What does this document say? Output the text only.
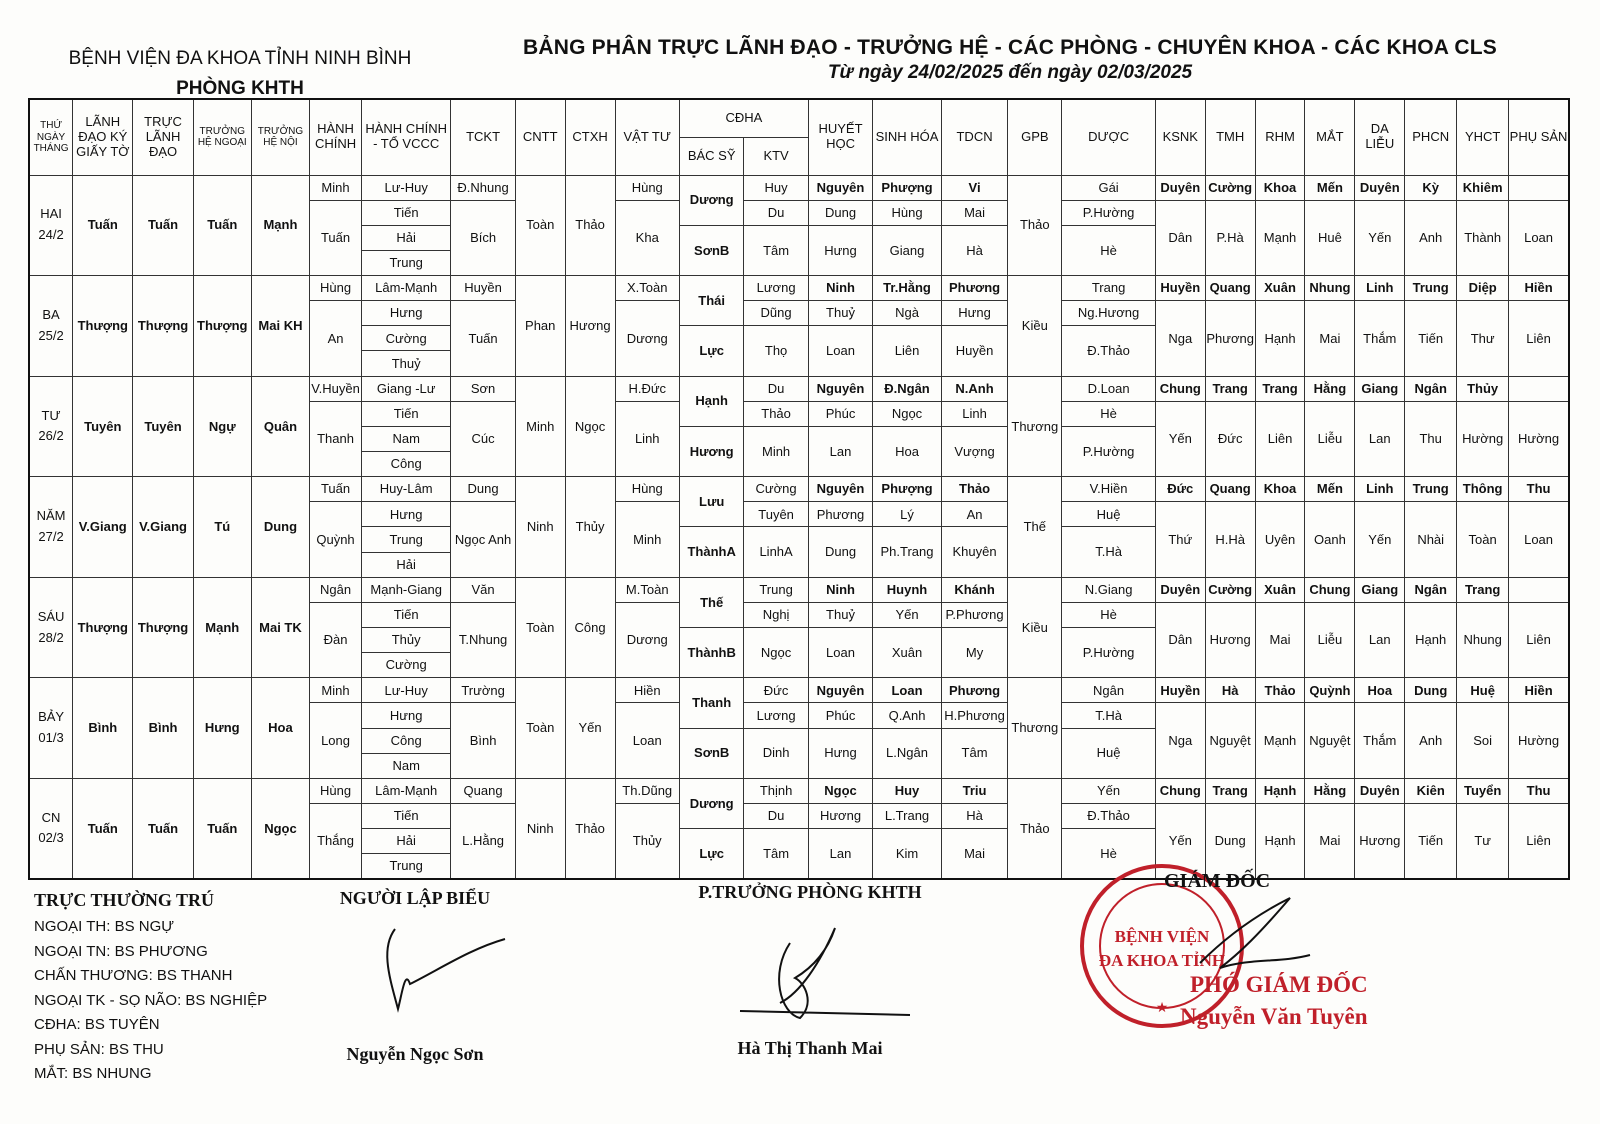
BỆNH VIỆN ĐA KHOA TỈNH NINH BÌNH
PHÒNG KHTH
BẢNG PHÂN TRỰC LÃNH ĐẠO - TRƯỞNG HỆ - CÁC PHÒNG - CHUYÊN KHOA - CÁC KHOA CLS
Từ ngày 24/02/2025 đến ngày 02/03/2025
THỨ NGÀY THÁNG	LÃNH ĐẠO KÝ GIẤY TỜ	TRỰC LÃNH ĐẠO	TRƯỞNG HỆ NGOẠI	TRƯỞNG HỆ NỘI	HÀNH CHÍNH	HÀNH CHÍNH - TỔ VCCC	TCKT	CNTT	CTXH	VẬT TƯ	CĐHA		HUYẾT HỌC	SINH HÓA	TDCN	GPB	DƯỢC	KSNK	TMH	RHM	MẮT	DA LIỄU	PHCN	YHCT	PHỤ SẢN
											BÁC SỸ	KTV													

HAI
24/2	Tuấn	Tuấn	Tuấn	Mạnh	Minh	Lư-Huy	Đ.Nhung	Toàn	Thảo	Hùng	Dương	Huy	Nguyên	Phượng	Vi	Thảo	Gái	Duyên	Cường	Khoa	Mến	Duyên	Kỳ	Khiêm	
					Tuấn	Tiến	Bích			Kha		Du	Dung	Hùng	Mai		P.Hường	Dân	P.Hà	Mạnh	Huê	Yến	Anh	Thành	Loan
						Hải					SơnB	Tâm	Hưng	Giang	Hà		Hè								
						Trung																			

BA
25/2	Thượng	Thượng	Thượng	Mai KH	Hùng	Lâm-Mạnh	Huyền	Phan	Hương	X.Toàn	Thái	Lương	Ninh	Tr.Hằng	Phương	Kiều	Trang	Huyền	Quang	Xuân	Nhung	Linh	Trung	Diệp	Hiền
					An	Hưng	Tuấn			Dương		Dũng	Thuỷ	Ngà	Hưng		Ng.Hương	Nga	Phương	Hạnh	Mai	Thắm	Tiến	Thư	Liên
						Cường					Lực	Thọ	Loan	Liên	Huyền		Đ.Thảo								
						Thuỷ																			

TƯ
26/2	Tuyên	Tuyên	Ngự	Quân	V.Huyền	Giang -Lư	Sơn	Minh	Ngọc	H.Đức	Hạnh	Du	Nguyên	Đ.Ngân	N.Anh	Thương	D.Loan	Chung	Trang	Trang	Hằng	Giang	Ngân	Thủy	
					Thanh	Tiến	Cúc			Linh		Thảo	Phúc	Ngọc	Linh		Hè	Yến	Đức	Liên	Liễu	Lan	Thu	Hường	Hường
						Nam					Hương	Minh	Lan	Hoa	Vượng		P.Hường								
						Công																			

NĂM
27/2	V.Giang	V.Giang	Tú	Dung	Tuấn	Huy-Lâm	Dung	Ninh	Thủy	Hùng	Lưu	Cường	Nguyên	Phượng	Thảo	Thế	V.Hiền	Đức	Quang	Khoa	Mến	Linh	Trung	Thông	Thu
					Quỳnh	Hưng	Ngọc Anh			Minh		Tuyên	Phương	Lý	An		Huệ	Thứ	H.Hà	Uyên	Oanh	Yến	Nhài	Toàn	Loan
						Trung					ThànhA	LinhA	Dung	Ph.Trang	Khuyên		T.Hà								
						Hải																			

SÁU
28/2	Thượng	Thượng	Mạnh	Mai TK	Ngân	Mạnh-Giang	Văn	Toàn	Công	M.Toàn	Thế	Trung	Ninh	Huynh	Khánh	Kiều	N.Giang	Duyên	Cường	Xuân	Chung	Giang	Ngân	Trang	
					Đàn	Tiến	T.Nhung			Dương		Nghị	Thuỷ	Yến	P.Phương		Hè	Dân	Hương	Mai	Liễu	Lan	Hạnh	Nhung	Liên
						Thủy					ThànhB	Ngọc	Loan	Xuân	My		P.Hường								
						Cường																			

BẢY
01/3	Bình	Bình	Hưng	Hoa	Minh	Lư-Huy	Trường	Toàn	Yến	Hiền	Thanh	Đức	Nguyên	Loan	Phương	Thương	Ngân	Huyền	Hà	Thảo	Quỳnh	Hoa	Dung	Huệ	Hiền
					Long	Hưng	Bình			Loan		Lương	Phúc	Q.Anh	H.Phương		T.Hà	Nga	Nguyệt	Mạnh	Nguyệt	Thắm	Anh	Soi	Hường
						Công					SơnB	Dinh	Hưng	L.Ngân	Tâm		Huệ								
						Nam																			

CN
02/3	Tuấn	Tuấn	Tuấn	Ngọc	Hùng	Lâm-Mạnh	Quang	Ninh	Thảo	Th.Dũng	Dương	Thịnh	Ngọc	Huy	Triu	Thảo	Yến	Chung	Trang	Hạnh	Hằng	Duyên	Kiên	Tuyển	Thu
					Thắng	Tiến	L.Hằng			Thủy		Du	Hương	L.Trang	Hà		Đ.Thảo	Yến	Dung	Hạnh	Mai	Hương	Tiến	Tư	Liên
						Hải					Lực	Tâm	Lan	Kim	Mai		Hè								
						Trung																			
TRỰC THƯỜNG TRÚ
NGOẠI TH: BS NGỰ
NGOẠI TN: BS PHƯƠNG
CHẤN THƯƠNG: BS THANH
NGOẠI TK - SỌ NÃO: BS NGHIỆP
CĐHA: BS TUYÊN
PHỤ SẢN: BS THU
MẮT: BS NHUNG
NGƯỜI LẬP BIỂU
Nguyễn Ngọc Sơn
P.TRƯỞNG PHÒNG KHTH
Hà Thị Thanh Mai
BỆNH VIỆN
ĐA KHOA TỈNH
★
GIÁM ĐỐC
PHÓ GIÁM ĐỐC
Nguyễn Văn Tuyên
